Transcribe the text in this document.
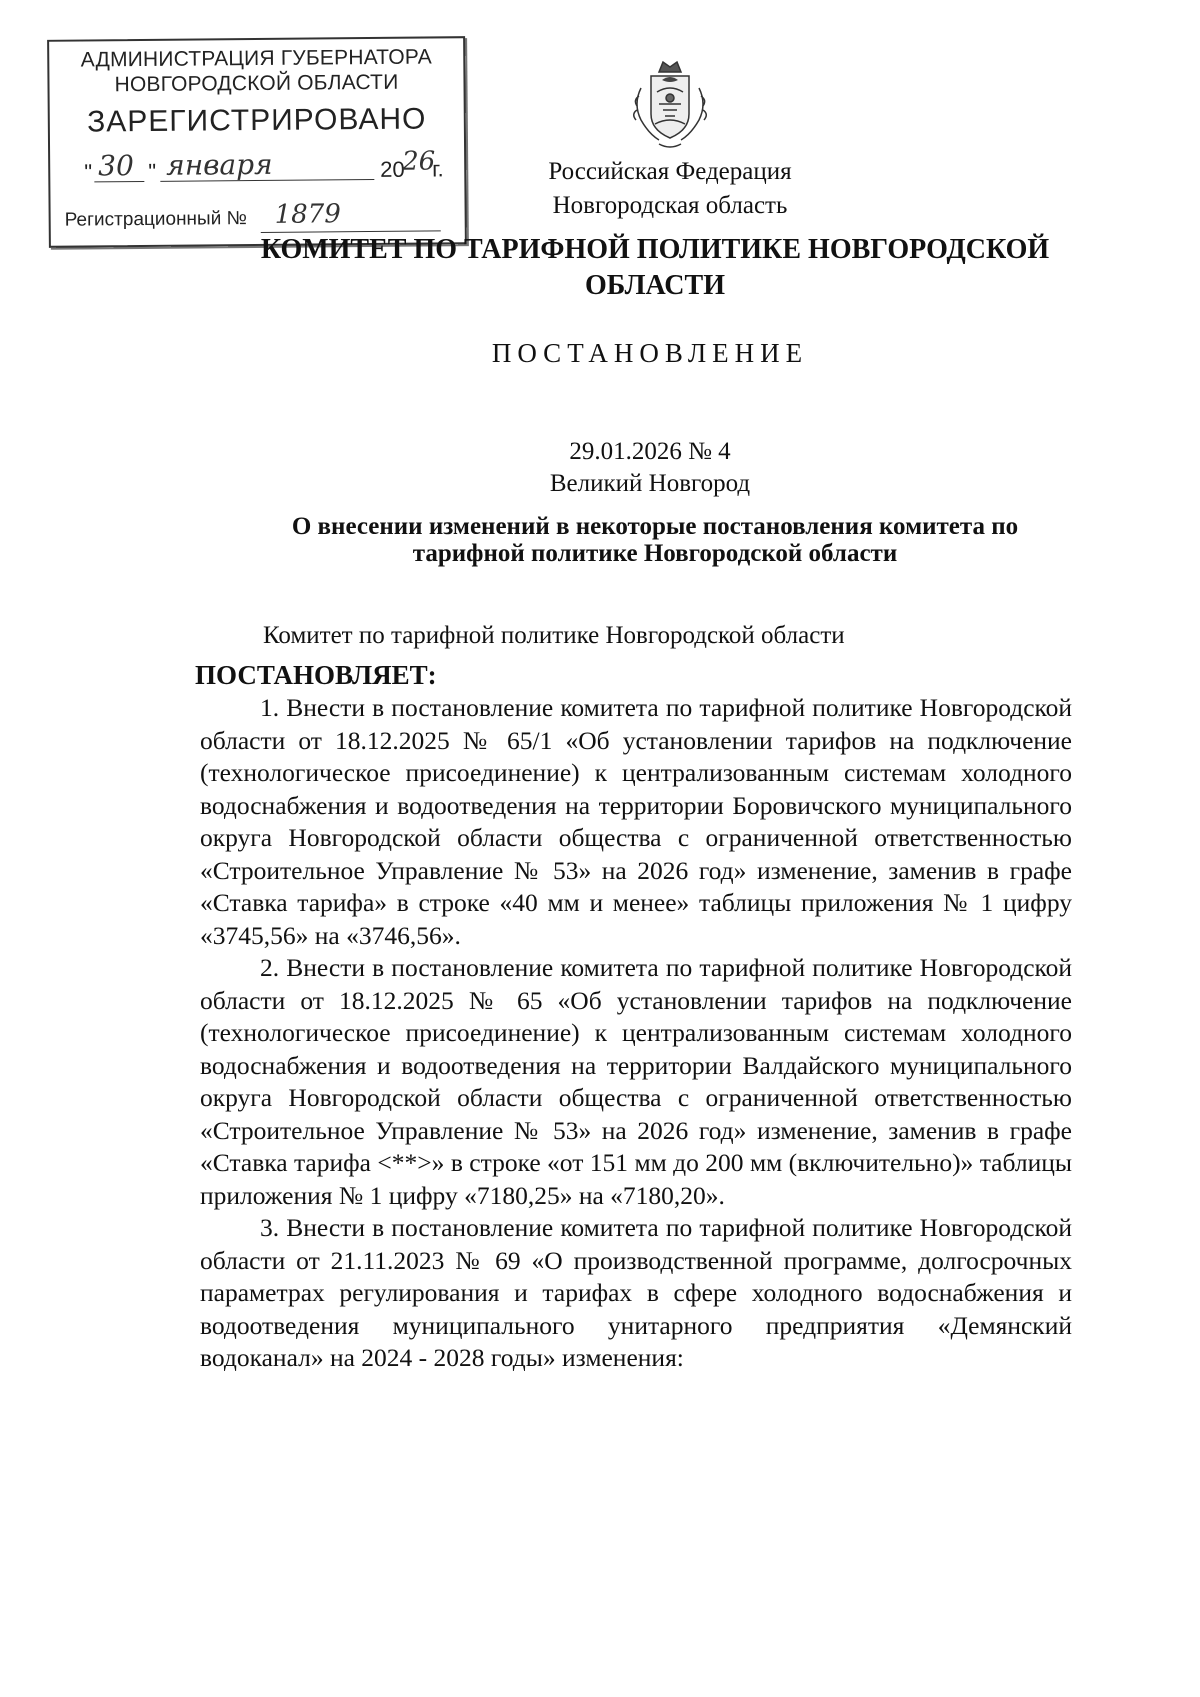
АДМИНИСТРАЦИЯ ГУБЕРНАТОРА
НОВГОРОДСКОЙ ОБЛАСТИ
ЗАРЕГИСТРИРОВАНО
" 30 " января	20
26
г.
Регистрационный № 1879
Российская Федерация
Новгородская область
КОМИТЕТ ПО ТАРИФНОЙ ПОЛИТИКЕ НОВГОРОДСКОЙ ОБЛАСТИ
ПОСТАНОВЛЕНИЕ
29.01.2026 № 4
Великий Новгород
О внесении изменений в некоторые постановления комитета по тарифной политике Новгородской области
Комитет по тарифной политике Новгородской области
ПОСТАНОВЛЯЕТ:

1. Внести в постановление комитета по тарифной политике Новгородской области от 18.12.2025 № 65/1 «Об установлении тарифов на подключение (технологическое присоединение) к централизованным системам холодного водоснабжения и водоотведения на территории Боровичского муниципального округа Новгородской области общества с ограниченной ответственностью «Строительное Управление № 53» на 2026 год» изменение, заменив в графе «Ставка тарифа» в строке «40 мм и менее» таблицы приложения № 1 цифру «3745,56» на «3746,56».

2. Внести в постановление комитета по тарифной политике Новгородской области от 18.12.2025 № 65 «Об установлении тарифов на подключение (технологическое присоединение) к централизованным системам холодного водоснабжения и водоотведения на территории Валдайского муниципального округа Новгородской области общества с ограниченной ответственностью «Строительное Управление № 53» на 2026 год» изменение, заменив в графе «Ставка тарифа <**>» в строке «от 151 мм до 200 мм (включительно)» таблицы приложения № 1 цифру «7180,25» на «7180,20».

3. Внести в постановление комитета по тарифной политике Новгородской области от 21.11.2023 № 69 «О производственной программе, долгосрочных параметрах регулирования и тарифах в сфере холодного водоснабжения и водоотведения муниципального унитарного предприятия «Демянский водоканал» на 2024 - 2028 годы» изменения:
